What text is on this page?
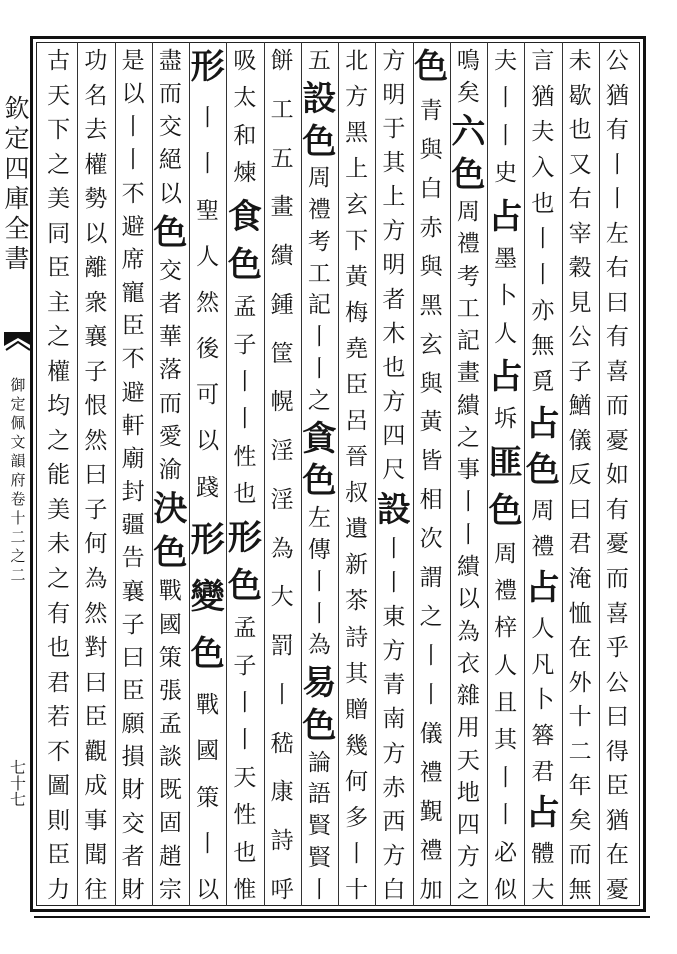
欽
定
四
庫
全
書
御
定
佩
文
韻
府
卷
十
二
之
二
七
十
七
公
猶
有
丨
丨
左
右
曰
有
喜
而
憂
如
有
憂
而
喜
乎
公
曰
得
臣
猶
在
憂
未
歇
也
又
右
宰
穀
見
公
子
鰌
儀
反
曰
君
淹
恤
在
外
十
二
年
矣
而
無
言
猶
夫
入
也
丨
丨
亦
無
覓
占
色
周
禮
占
人
凡
卜
簭
君
占
體
大
夫
丨
丨
史
占
墨
卜
人
占
坼
匪
色
周
禮
梓
人
且
其
丨
丨
必
似
鳴
矣
六
色
周
禮
考
工
記
畫
繢
之
事
丨
丨
繢
以
為
衣
雜
用
天
地
四
方
之
色
青
與
白
赤
與
黑
玄
與
黃
皆
相
次
謂
之
丨
丨
儀
禮
覲
禮
加
方
明
于
其
上
方
明
者
木
也
方
四
尺
設
丨
丨
東
方
青
南
方
赤
西
方
白
北
方
黑
上
玄
下
黃
梅
堯
臣
呂
晉
叔
遺
新
茶
詩
其
贈
幾
何
多
丨
十
五
設
色
周
禮
考
工
記
丨
丨
之
貪
色
左
傳
丨
丨
為
易
色
論
語
賢
賢
丨
餅
工
五
畫
繢
鍾
筐
幌
淫
淫
為
大
罰
丨
嵇
康
詩
呼
吸
太
和
煉
食
色
孟
子
丨
丨
性
也
形
色
孟
子
丨
丨
天
性
也
惟
形
丨
丨
聖
人
然
後
可
以
踐
形
變
色
戰
國
策
丨
以
盡
而
交
絕
以
色
交
者
華
落
而
愛
渝
決
色
戰
國
策
張
孟
談
既
固
趙
宗
是
以
丨
丨
不
避
席
寵
臣
不
避
軒
廟
封
疆
告
襄
子
曰
臣
願
損
財
交
者
財
功
名
去
權
勢
以
離
衆
襄
子
恨
然
曰
子
何
為
然
對
曰
臣
觀
成
事
聞
往
古
天
下
之
美
同
臣
主
之
權
均
之
能
美
未
之
有
也
君
若
不
圖
則
臣
力
